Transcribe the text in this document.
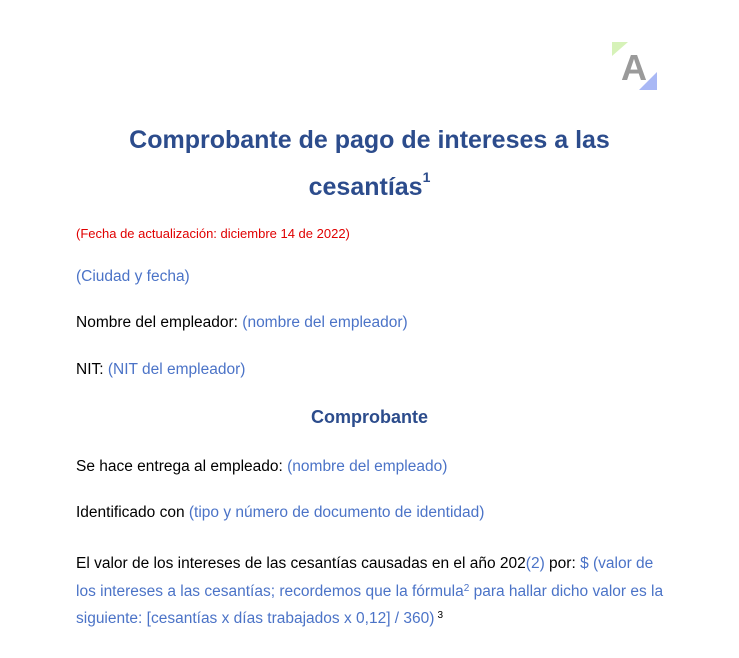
A
Comprobante de pago de intereses a las
cesantías$^1$
(Fecha de actualización: diciembre 14 de 2022)
(Ciudad y fecha)
Nombre del empleador: (nombre del empleador)
NIT: (NIT del empleador)
Comprobante
Se hace entrega al empleado: (nombre del empleado)
Identificado con (tipo y número de documento de identidad)

El valor de los intereses de las cesantías causadas en el año 202(2) por: $ (valor de los intereses a las cesantías; recordemos que la fórmula$^2$ para hallar dicho valor es la siguiente: [cesantías x días trabajados x 0,12] / 360) $^3$
